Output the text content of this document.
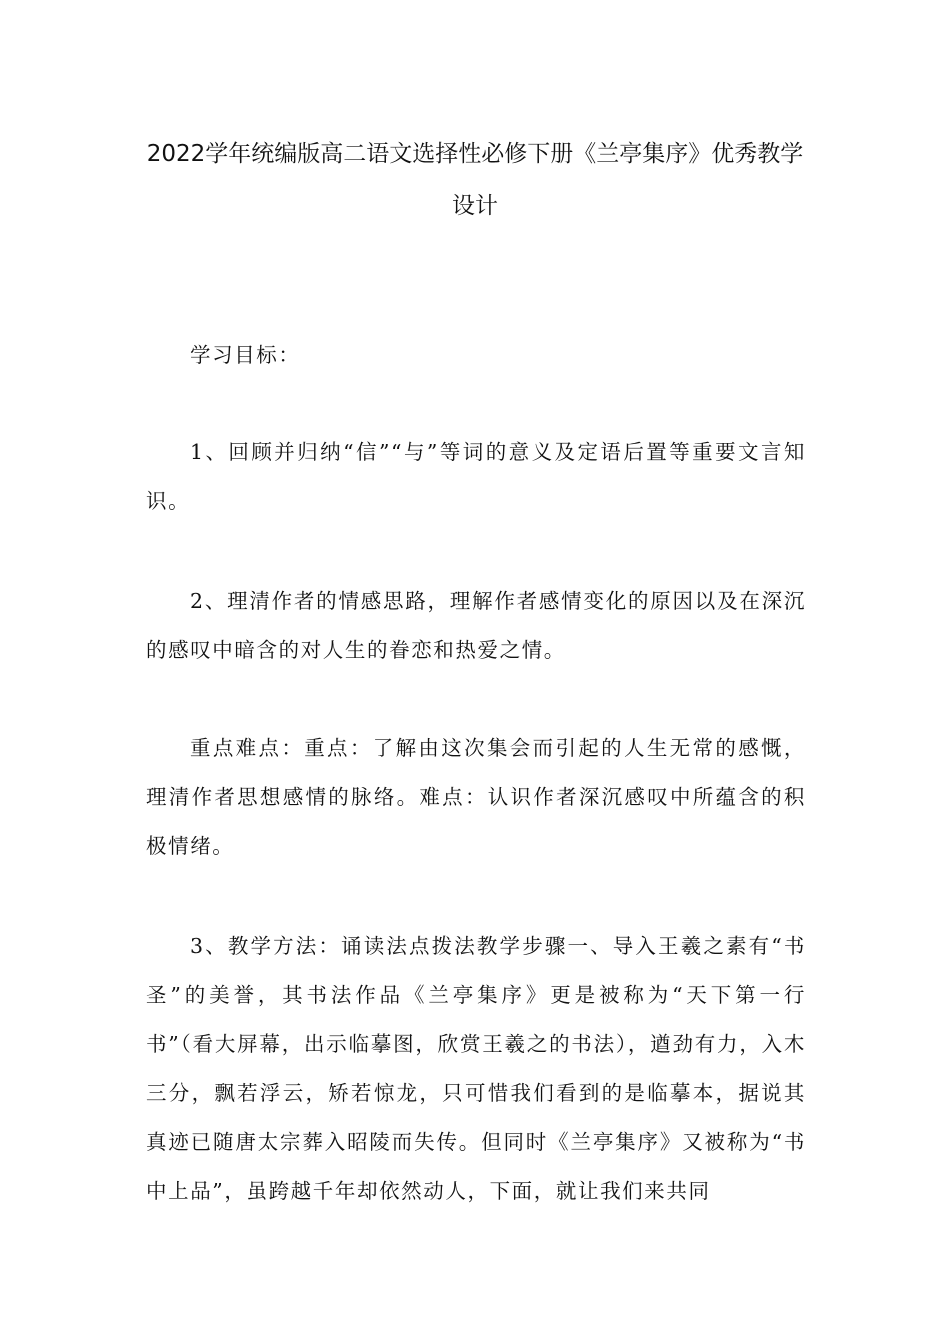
2022学年统编版高二语文选择性必修下册《兰亭集序》优秀教学
设计
学习目标：
1、回顾并归纳“信”“与”等词的意义及定语后置等重要文言知识。
2、理清作者的情感思路，理解作者感情变化的原因以及在深沉的感叹中暗含的对人生的眷恋和热爱之情。
重点难点：重点：了解由这次集会而引起的人生无常的感慨，理清作者思想感情的脉络。难点：认识作者深沉感叹中所蕴含的积极情绪。
3、教学方法：诵读法点拨法教学步骤一、导入王羲之素有“书圣”的美誉，其书法作品《兰亭集序》更是被称为“天下第一行书”（看大屏幕，出示临摹图，欣赏王羲之的书法），遒劲有力，入木三分，飘若浮云，矫若惊龙，只可惜我们看到的是临摹本，据说其真迹已随唐太宗葬入昭陵而失传。但同时《兰亭集序》又被称为“书中上品”，虽跨越千年却依然动人，下面，就让我们来共同
